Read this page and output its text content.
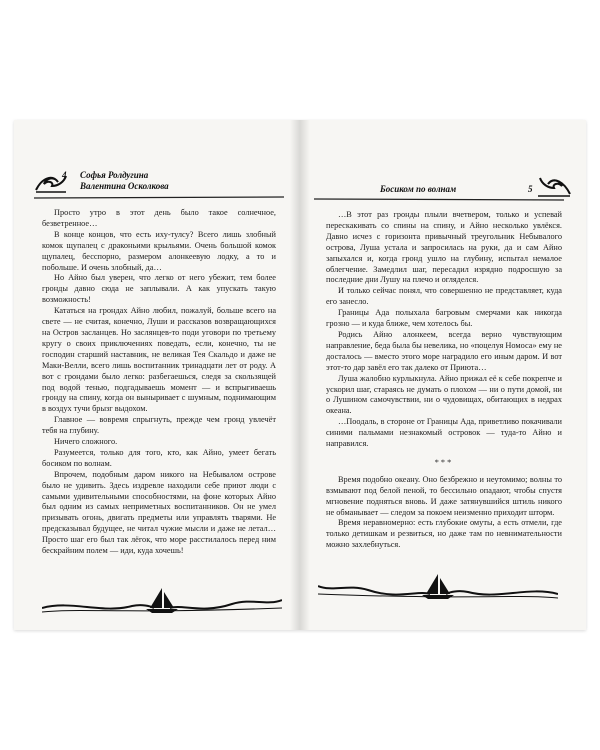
4 Софья Ролдугина
Валентина Осколкова

Просто утро в этот день было такое солнечное, безветренное…

В конце концов, что есть иху-тулсу? Всего лишь злобный комок щупалец с драконьими крыльями. Очень большой комок щупалец, бесспорно, размером алонкеевую лодку, а то и побольше. И очень злобный, да…

Но Айно был уверен, что легко от него убежит, тем более гронды давно сюда не заплывали. А как упускать такую возможность!

Кататься на грондах Айно любил, пожалуй, больше всего на свете — не считая, конечно, Луши и рассказов возвращающихся на Остров засланцев. Но заслянцев-то поди уговори по третьему кругу о своих приключениях поведать, если, конечно, ты не господин старший наставник, не великая Тея Скальдо и даже не Маки-Велли, всего лишь воспитанник тринадцати лет от роду. А вот с грондами было легко: разбегаешься, следя за скользящей под водой тенью, подгадываешь момент — и вспрыгиваешь гронду на спину, когда он выныривает с шумным, поднимающим в воздух тучи брызг выдохом.

Главное — вовремя спрыгнуть, прежде чем гронд увлечёт тебя на глубину.

Ничего сложного.

Разумеется, только для того, кто, как Айно, умеет бегать босиком по волнам.

Впрочем, подобным даром никого на Небывалом острове было не удивить. Здесь издревле находили себе приют люди с самыми удивительными способностями, на фоне которых Айно был одним из самых неприметных воспитанников. Он не умел призывать огонь, двигать предметы или управлять тварями. Не предсказывал будущее, не читал чужие мысли и даже не летал… Просто шаг его был так лёгок, что море расстилалось перед ним бескрайним полем — иди, куда хочешь!

Босиком по волнам	5

…В этот раз гронды плыли вчетвером, только и успевай перескакивать со спины на спину, и Айно несколько увлёкся. Давно исчез с горизонта привычный треугольник Небывалого острова, Луша устала и запросилась на руки, да и сам Айно запыхался и, когда гронд ушло на глубину, испытал немалое облегчение. Замедлил шаг, пересадил изрядно подросшую за последние дни Лушу на плечо и огляделся.

И только сейчас понял, что совершенно не представляет, куда его занесло.

Границы Ада полыхала багровым смерчами как никогда грозно — и куда ближе, чем хотелось бы.

Родись Айно алонкеем, всегда верно чувствующим направление, беда была бы невелика, но «поцелуя Номоса» ему не досталось — вместо этого море наградило его иным даром. И вот этот-то дар завёл его так далеко от Приюта…

Луша жалобно курлыкнула. Айно прижал её к себе покрепче и ускорил шаг, стараясь не думать о плохом — ни о пути домой, ни о Лушином самочувствии, ни о чудовищах, обитающих в недрах океана.

…Поодаль, в стороне от Границы Ада, приветливо покачивали синими пальмами незнакомый островок — туда-то Айно и направился.

***

Время подобно океану. Оно безбрежно и неутомимо; волны то взмывают под белой пеной, то бессильно опадают, чтобы спустя мгновение подняться вновь. И даже затянувшийся штиль никого не обманывает — следом за покоем неизменно приходит шторм.

Время неравномерно: есть глубокие омуты, а есть отмели, где только детишкам и резвиться, но даже там по невнимательности можно захлебнуться.
